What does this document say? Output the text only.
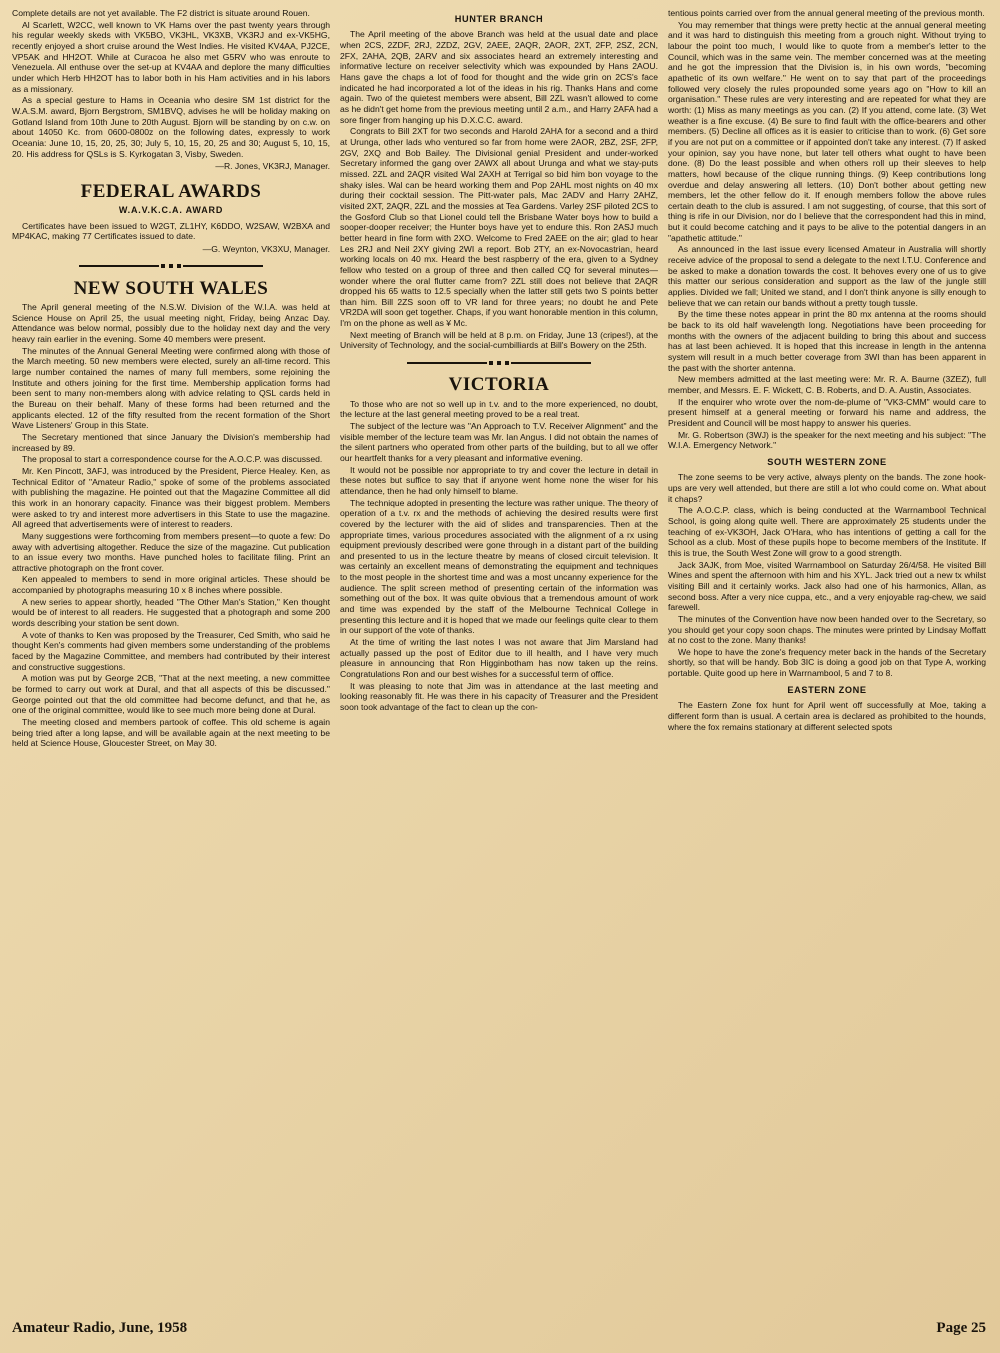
Complete details are not yet available. The F2 district is situate around Rouen.

Al Scarlett, W2CC, well known to VK Hams over the past twenty years through his regular weekly skeds with VK5BO, VK3HL, VK3XB, VK3RJ and ex-VK5HG, recently enjoyed a short cruise around the West Indies. He visited KV4AA, PJ2CE, VP5AK and HH2OT. While at Curacoa he also met G5RV who was enroute to Venezuela. All enthuse over the set-up at KV4AA and deplore the many difficulties under which Herb HH2OT has to labor both in his Ham activities and in his labors as a missionary.

As a special gesture to Hams in Oceania who desire SM 1st district for the W.A.S.M. award, Bjorn Bergstrom, SM1BVQ, advises he will be holiday making on Gotland Island from 10th June to 20th August. Bjorn will be standing by on c.w. on about 14050 Kc. from 0600-0800z on the following dates, expressly to work Oceania: June 10, 15, 20, 25, 30; July 5, 10, 15, 20, 25 and 30; August 5, 10, 15, 20. His address for QSLs is S. Kyrkogatan 3, Visby, Sweden.

—R. Jones, VK3RJ, Manager.
FEDERAL AWARDS
W.A.V.K.C.A. AWARD

Certificates have been issued to W2GT, ZL1HY, K6DDO, W2SAW, W2BXA and MP4KAC, making 77 Certificates issued to date.

—G. Weynton, VK3XU, Manager.
NEW SOUTH WALES

The April general meeting of the N.S.W. Division of the W.I.A. was held at Science House on April 25, the usual meeting night, Friday, being Anzac Day. Attendance was below normal, possibly due to the holiday next day and the very heavy rain earlier in the evening. Some 40 members were present.

The minutes of the Annual General Meeting were confirmed along with those of the March meeting. 50 new members were elected, surely an all-time record. This large number contained the names of many full members, some rejoining the Institute and others joining for the first time. Membership application forms had been sent to many non-members along with advice relating to QSL cards held in the Bureau on their behalf. Many of these forms had been returned and the applicants elected. 12 of the fifty resulted from the recent formation of the Short Wave Listeners' Group in this State.

The Secretary mentioned that since January the Division's membership had increased by 89.

The proposal to start a correspondence course for the A.O.C.P. was discussed.

Mr. Ken Pincott, 3AFJ, was introduced by the President, Pierce Healey. Ken, as Technical Editor of "Amateur Radio," spoke of some of the problems associated with publishing the magazine. He pointed out that the Magazine Committee all did this work in an honorary capacity. Finance was their biggest problem. Members were asked to try and interest more advertisers in this State to use the magazine. All agreed that advertisements were of interest to readers.

Many suggestions were forthcoming from members present—to quote a few: Do away with advertising altogether. Reduce the size of the magazine. Cut publication to an issue every two months. Have punched holes to facilitate filing. Print an attractive photograph on the front cover.

Ken appealed to members to send in more original articles. These should be accompanied by photographs measuring 10 x 8 inches where possible.

A new series to appear shortly, headed "The Other Man's Station," Ken thought would be of interest to all readers. He suggested that a photograph and some 200 words describing your station be sent down.

A vote of thanks to Ken was proposed by the Treasurer, Ced Smith, who said he thought Ken's comments had given members some understanding of the problems faced by the Magazine Committee, and members had contributed by their interest and constructive suggestions.

A motion was put by George 2CB, "That at the next meeting, a new committee be formed to carry out work at Dural, and that all aspects of this be discussed." George pointed out that the old committee had become defunct, and that he, as one of the original committee, would like to see much more being done at Dural.

The meeting closed and members partook of coffee. This old scheme is again being tried after a long lapse, and will be available again at the next meeting to be held at Science House, Gloucester Street, on May 30.

HUNTER BRANCH

The April meeting of the above Branch was held at the usual date and place when 2CS, 2ZDF, 2RJ, 2ZDZ, 2GV, 2AEE, 2AQR, 2AOR, 2XT, 2FP, 2SZ, 2CN, 2FX, 2AHA, 2QB, 2ARV and six associates heard an extremely interesting and informative lecture on receiver selectivity which was expounded by Hans 2AOU. Hans gave the chaps a lot of food for thought and the wide grin on 2CS's face indicated he had incorporated a lot of the ideas in his rig. Thanks Hans and come again. Two of the quietest members were absent, Bill 2ZL wasn't allowed to come as he didn't get home from the previous meeting until 2 a.m., and Harry 2AFA had a sore finger from hanging up his D.X.C.C. award.

Congrats to Bill 2XT for two seconds and Harold 2AHA for a second and a third at Urunga, other lads who ventured so far from home were 2AOR, 2BZ, 2SF, 2FP, 2GV, 2XQ and Bob Bailey. The Divisional genial President and under-worked Secretary informed the gang over 2AWX all about Urunga and what we stay-puts missed. 2ZL and 2AQR visited Wal 2AXH at Terrigal so bid him bon voyage to the shaky isles. Wal can be heard working them and Pop 2AHL most nights on 40 mx during their cocktail session. The Pitt-water pals, Mac 2ADV and Harry 2AHZ, visited 2XT, 2AQR, 2ZL and the mossies at Tea Gardens. Varley 2SF piloted 2CS to the Gosford Club so that Lionel could tell the Brisbane Water boys how to build a sooper-dooper receiver; the Hunter boys have yet to endure this. Ron 2ASJ much better heard in fine form with 2XO. Welcome to Fred 2AEE on the air; glad to hear Les 2RJ and Neil 2XY giving 2WI a report. Bob 2TY, an ex-Novocastrian, heard working locals on 40 mx. Heard the best raspberry of the era, given to a Sydney fellow who tested on a group of three and then called CQ for several minutes—wonder where the oral flutter came from? 2ZL still does not believe that 2AQR dropped his 65 watts to 12.5 specially when the latter still gets two S points better than him. Bill 2ZS soon off to VR land for three years; no doubt he and Pete VR2DA will soon get together. Chaps, if you want honorable mention in this column, I'm on the phone as well as ¥ Mc.

Next meeting of Branch will be held at 8 p.m. on Friday, June 13 (cripes!), at the University of Technology, and the social-cumbilliards at Bill's Bowery on the 25th.

VICTORIA

To those who are not so well up in t.v. and to the more experienced, no doubt, the lecture at the last general meeting proved to be a real treat.

The subject of the lecture was "An Approach to T.V. Receiver Alignment" and the visible member of the lecture team was Mr. Ian Angus. I did not obtain the names of the silent partners who operated from other parts of the building, but to all we offer our heartfelt thanks for a very pleasant and informative evening.

It would not be possible nor appropriate to try and cover the lecture in detail in these notes but suffice to say that if anyone went home none the wiser for his attendance, then he had only himself to blame.

The technique adopted in presenting the lecture was rather unique. The theory of operation of a t.v. rx and the methods of achieving the desired results were first covered by the lecturer with the aid of slides and transparencies. Then at the appropriate times, various procedures associated with the alignment of a rx using equipment previously described were gone through in a distant part of the building and presented to us in the lecture theatre by means of closed circuit television. It was certainly an excellent means of demonstrating the equipment and techniques to the most people in the shortest time and was a most uncanny experience for the audience. The split screen method of presenting certain of the information was something out of the box. It was quite obvious that a tremendous amount of work and time was expended by the staff of the Melbourne Technical College in presenting this lecture and it is hoped that we made our feelings quite clear to them in our support of the vote of thanks.

At the time of writing the last notes I was not aware that Jim Marsland had actually passed up the post of Editor due to ill health, and I have very much pleasure in announcing that Ron Higginbotham has now taken up the reins. Congratulations Ron and our best wishes for a successful term of office.

It was pleasing to note that Jim was in attendance at the last meeting and looking reasonably fit. He was there in his capacity of Treasurer and the President soon took advantage of the fact to clean up the con-

tentious points carried over from the annual general meeting of the previous month.

You may remember that things were pretty hectic at the annual general meeting and it was hard to distinguish this meeting from a grouch night. Without trying to labour the point too much, I would like to quote from a member's letter to the Council, which was in the same vein. The member concerned was at the meeting and he got the impression that the Division is, in his own words, "becoming apathetic of its own welfare." He went on to say that part of the proceedings followed very closely the rules propounded some years ago on "How to kill an organisation." These rules are very interesting and are repeated for what they are worth: (1) Miss as many meetings as you can. (2) If you attend, come late. (3) Wet weather is a fine excuse. (4) Be sure to find fault with the office-bearers and other members. (5) Decline all offices as it is easier to criticise than to work. (6) Get sore if you are not put on a committee or if appointed don't take any interest. (7) If asked your opinion, say you have none, but later tell others what ought to have been done. (8) Do the least possible and when others roll up their sleeves to help matters, howl because of the clique running things. (9) Keep contributions long overdue and delay answering all letters. (10) Don't bother about getting new members, let the other fellow do it. If enough members follow the above rules certain death to the club is assured. I am not suggesting, of course, that this sort of thing is rife in our Division, nor do I believe that the correspondent had this in mind, but it could become catching and it pays to be alive to the potential dangers in an "apathetic attitude."

As announced in the last issue every licensed Amateur in Australia will shortly receive advice of the proposal to send a delegate to the next I.T.U. Conference and be asked to make a donation towards the cost. It behoves every one of us to give this matter our serious consideration and support as the law of the jungle still applies. Divided we fall; United we stand, and I don't think anyone is silly enough to believe that we can retain our bands without a pretty tough tussle.

By the time these notes appear in print the 80 mx antenna at the rooms should be back to its old half wavelength long. Negotiations have been proceeding for months with the owners of the adjacent building to bring this about and success has at last been achieved. It is hoped that this increase in length in the antenna system will result in a much better coverage from 3WI than has been apparent in the past with the shorter antenna.

New members admitted at the last meeting were: Mr. R. A. Baurne (3ZEZ), full member, and Messrs. E. F. Wickett, C. B. Roberts, and D. A. Austin, Associates.

If the enquirer who wrote over the nom-de-plume of "VK3-CMM" would care to present himself at a general meeting or forward his name and address, the President and Council will be most happy to answer his queries.

Mr. G. Robertson (3WJ) is the speaker for the next meeting and his subject: "The W.I.A. Emergency Network."

SOUTH WESTERN ZONE

The zone seems to be very active, always plenty on the bands. The zone hook-ups are very well attended, but there are still a lot who could come on. What about it chaps?

The A.O.C.P. class, which is being conducted at the Warrnambool Technical School, is going along quite well. There are approximately 25 students under the teaching of ex-VK3OH, Jack O'Hara, who has intentions of getting a call for the School as a club. Most of these pupils hope to become members of the Institute. If this is true, the South West Zone will grow to a good strength.

Jack 3AJK, from Moe, visited Warrnambool on Saturday 26/4/58. He visited Bill Wines and spent the afternoon with him and his XYL. Jack tried out a new tx whilst visiting Bill and it certainly works. Jack also had one of his harmonics, Allan, as second boss. After a very nice cuppa, etc., and a very enjoyable rag-chew, we said farewell.

The minutes of the Convention have now been handed over to the Secretary, so you should get your copy soon chaps. The minutes were printed by Lindsay Moffatt at no cost to the zone. Many thanks!

We hope to have the zone's frequency meter back in the hands of the Secretary shortly, so that will be handy. Bob 3IC is doing a good job on that Type A, working portable. Quite good up here in Warrnambool, 5 and 7 to 8.

EASTERN ZONE

The Eastern Zone fox hunt for April went off successfully at Moe, taking a different form than is usual. A certain area is declared as prohibited to the hounds, where the fox remains stationary at different selected spots

Amateur Radio, June, 1958	Page 25
